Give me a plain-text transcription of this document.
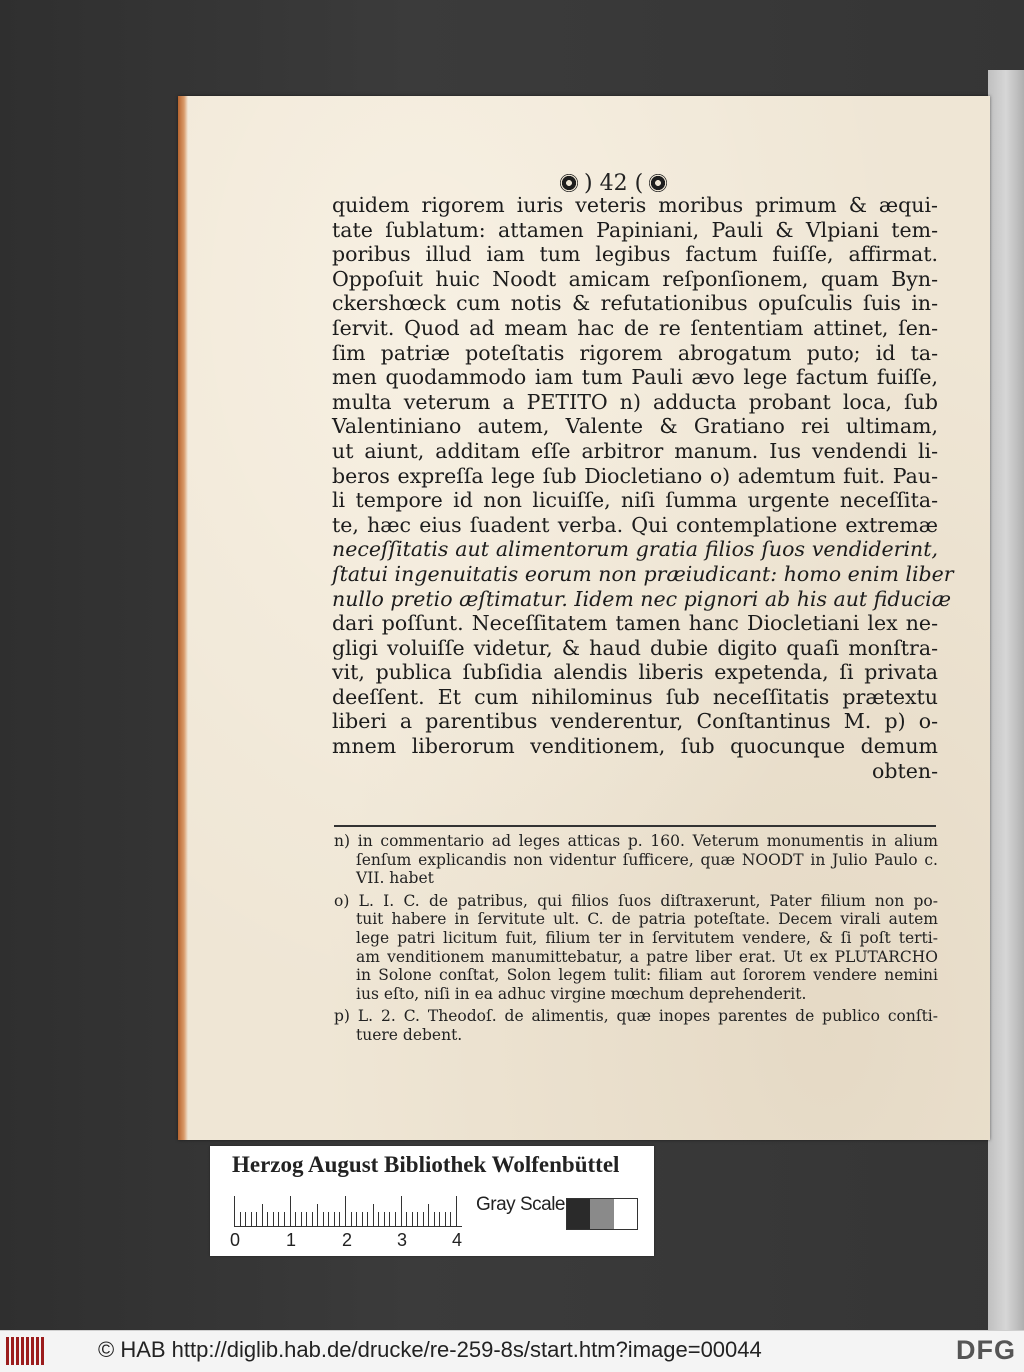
) 42 (
quidem rigorem iuris veteris moribus primum & æqui-
tate ſublatum: attamen Papiniani, Pauli & Vlpiani tem-
poribus illud iam tum legibus factum fuiſſe, affirmat.
Oppoſuit huic Noodt amicam reſponſionem, quam Byn-
ckershœck cum notis & refutationibus opuſculis ſuis in-
ſervit. Quod ad meam hac de re ſententiam attinet, ſen-
ſim patriæ poteſtatis rigorem abrogatum puto; id ta-
men quodammodo iam tum Pauli ævo lege factum fuiſſe,
multa veterum a PETITO n) adducta probant loca, ſub
Valentiniano autem, Valente & Gratiano rei ultimam,
ut aiunt, additam eſſe arbitror manum. Ius vendendi li-
beros expreſſa lege ſub Diocletiano o) ademtum fuit. Pau-
li tempore id non licuiſſe, niſi ſumma urgente neceſſita-
te, hæc eius ſuadent verba. Qui contemplatione extremæ
neceſſitatis aut alimentorum gratia filios ſuos vendiderint,
ſtatui ingenuitatis eorum non præiudicant: homo enim liber
nullo pretio æſtimatur. Iidem nec pignori ab his aut fiduciæ
dari poſſunt. Neceſſitatem tamen hanc Diocletiani lex ne-
gligi voluiſſe videtur, & haud dubie digito quaſi monſtra-
vit, publica ſubſidia alendis liberis expetenda, ſi privata
deeſſent. Et cum nihilominus ſub neceſſitatis prætextu
liberi a parentibus venderentur, Conſtantinus M. p) o-
mnem liberorum venditionem, ſub quocunque demum
obten-
n) in commentario ad leges atticas p. 160. Veterum monumentis in alium
ſenſum explicandis non videntur ſufficere, quæ NOODT in Julio Paulo c.
VII. habet
o) L. I. C. de patribus, qui filios ſuos diſtraxerunt, Pater filium non po-
tuit habere in ſervitute ult. C. de patria poteſtate. Decem virali autem
lege patri licitum fuit, filium ter in ſervitutem vendere, & ſi poſt terti-
am venditionem manumittebatur, a patre liber erat. Ut ex PLUTARCHO
in Solone conſtat, Solon legem tulit: filiam aut ſororem vendere nemini
ius eſto, niſi in ea adhuc virgine mœchum deprehenderit.
p) L. 2. C. Theodoſ. de alimentis, quæ inopes parentes de publico conſti-
tuere debent.
Herzog August Bibliothek Wolfenbüttel
0	1	2 3 4
Gray Scale
© HAB http://diglib.hab.de/drucke/re-259-8s/start.htm?image=00044	DFG
